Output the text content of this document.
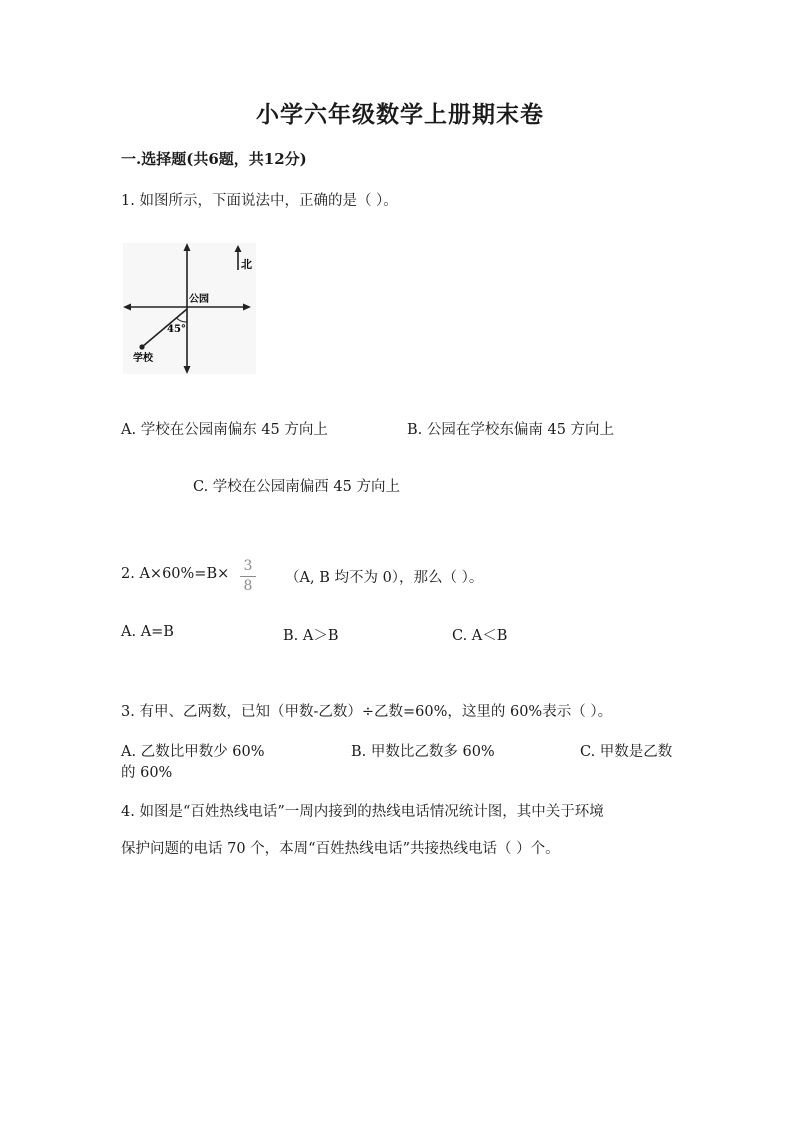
小学六年级数学上册期末卷
一.选择题(共6题，共12分)
1. 如图所示，下面说法中，正确的是（ ）。
北
公园
45°
学校
A. 学校在公园南偏东 45 方向上	B. 公园在学校东偏南 45 方向上
C. 学校在公园南偏西 45 方向上
2. A×60%=B× 3
8 （A, B 均不为 0），那么（ ）。
A. A=B	B. A＞B	C. A＜B
3. 有甲、乙两数，已知（甲数-乙数）÷乙数=60%，这里的 60%表示（ ）。
A. 乙数比甲数少 60%	B. 甲数比乙数多 60%	C. 甲数是乙数
的 60%
4. 如图是“百姓热线电话”一周内接到的热线电话情况统计图，其中关于环境
保护问题的电话 70 个，本周“百姓热线电话”共接热线电话（ ）个。
